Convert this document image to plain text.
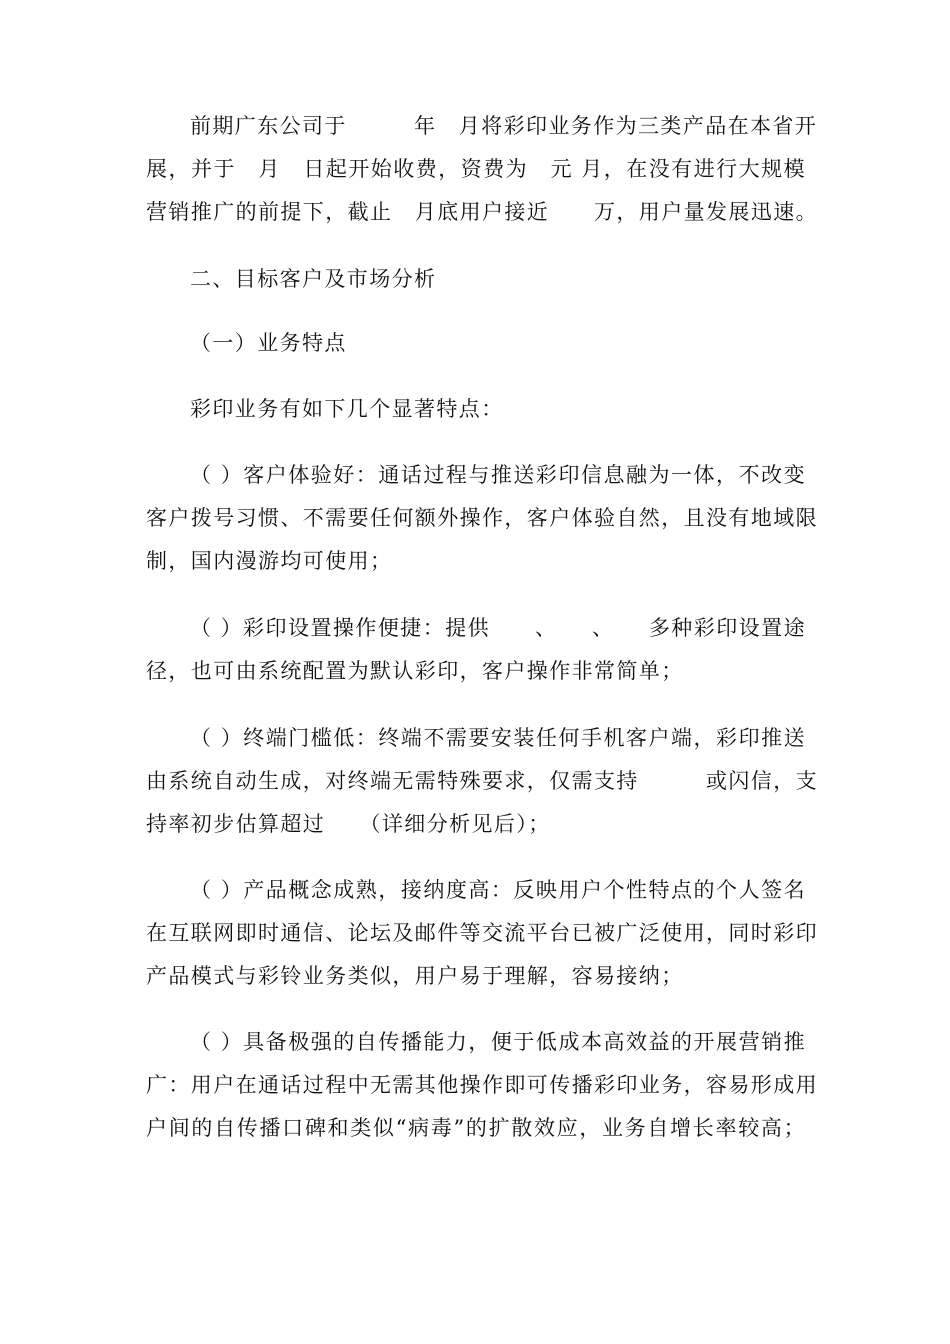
前期广东公司于　　　年　月将彩印业务作为三类产品在本省开
展，并于　月　日起开始收费，资费为　元 月，在没有进行大规模
营销推广的前提下，截止　月底用户接近　　万，用户量发展迅速。
二、目标客户及市场分析
（一）业务特点
彩印业务有如下几个显著特点：
（ ）客户体验好：通话过程与推送彩印信息融为一体，不改变
客户拨号习惯、不需要任何额外操作，客户体验自然，且没有地域限
制，国内漫游均可使用；
（ ）彩印设置操作便捷：提供　　、　　、　　多种彩印设置途
径，也可由系统配置为默认彩印，客户操作非常简单；
（ ）终端门槛低：终端不需要安装任何手机客户端，彩印推送
由系统自动生成，对终端无需特殊要求，仅需支持　　　或闪信，支
持率初步估算超过　　（详细分析见后）；
（ ）产品概念成熟，接纳度高：反映用户个性特点的个人签名
在互联网即时通信、论坛及邮件等交流平台已被广泛使用，同时彩印
产品模式与彩铃业务类似，用户易于理解，容易接纳；
（ ）具备极强的自传播能力，便于低成本高效益的开展营销推
广：用户在通话过程中无需其他操作即可传播彩印业务，容易形成用
户间的自传播口碑和类似“病毒”的扩散效应，业务自增长率较高；
